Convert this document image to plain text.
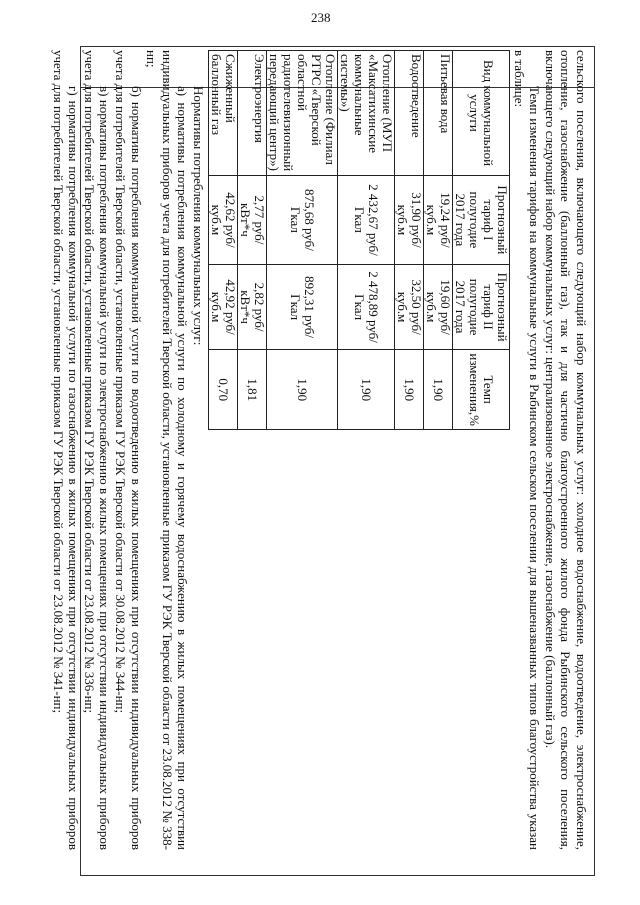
238

сельского поселения, включающего следующий набор коммунальных услуг: холодное водоснабжение, водоотведение, электроснабжение, отопление, газоснабжение (баллонный газ), так и для частично благоустроенного жилого фонда Рыбинского сельского поселения, включающего следующий набор коммунальных услуг: централизованное электроснабжение, газоснабжение (баллонный газ).

Темп изменения тарифов на коммунальные услуги в Рыбинском сельском поселении для вышеназванных типов благоустройства указан в таблице:

Вид коммунальной услуги	Прогнозный тариф I полугодие 2017 года	Прогнозный тариф II полугодие 2017 года	Темп изменения,%
Питьевая вода	19,24 руб/куб.м	19,60 руб/куб.м	1,90
Водоотведение	31,90 руб/куб.м	32,50 руб/куб.м	1,90
Отопление (МУП «Максатихинские коммунальные системы»)	2 432,67 руб/Гкал	2 478,89 руб/Гкал	1,90
Отопление (Филиал РТРС «Тверской областной радиотелевизионный передающий центр»)	875,68 руб/Гкал	892,31 руб/Гкал	1,90
Электроэнергия	2,77 руб/кВт*ч	2,82 руб/кВт*ч	1,81
Сжиженный баллонный газ	42,62 руб/куб.м	42,92 руб/куб.м	0,70

Нормативы потребления коммунальных услуг:

а) нормативы потребления коммунальной услуги по холодному и горячему водоснабжению в жилых помещениях при отсутствии индивидуальных приборов учета для потребителей Тверской области, установленные приказом ГУ РЭК Тверской области от 23.08.2012 № 338-нп;

б) нормативы потребления коммунальной услуги по водоотведению в жилых помещениях при отсутствии индивидуальных приборов учета для потребителей Тверской области, установленные приказом ГУ РЭК Тверской области от 30.08.2012 № 344-нп;

в) нормативы потребления коммунальной услуги по электроснабжению в жилых помещениях при отсутствии индивидуальных приборов учета для потребителей Тверской области, установленные приказом ГУ РЭК Тверской области от 23.08.2012 № 336-нп;

г) нормативы потребления коммунальной услуги по газоснабжению в жилых помещениях при отсутствии индивидуальных приборов учета для потребителей Тверской области, установленные приказом ГУ РЭК Тверской области от 23.08.2012 № 341-нп;
